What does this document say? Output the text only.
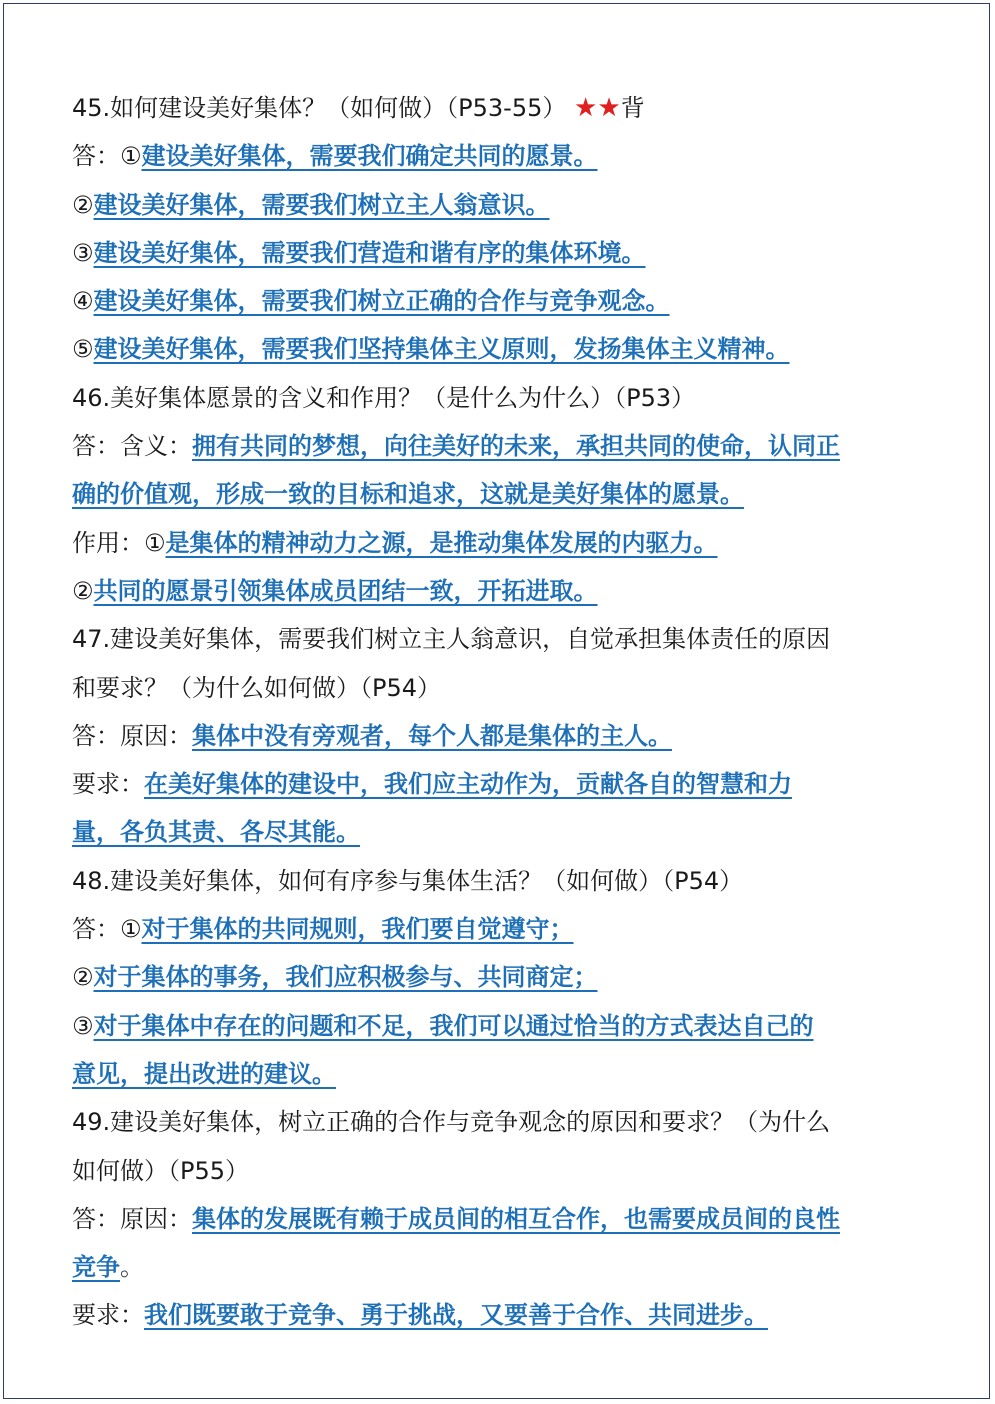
45.如何建设美好集体？（如何做）（P53-55） ★★背
答：①建设美好集体，需要我们确定共同的愿景。
②建设美好集体，需要我们树立主人翁意识。
③建设美好集体，需要我们营造和谐有序的集体环境。
④建设美好集体，需要我们树立正确的合作与竞争观念。
⑤建设美好集体，需要我们坚持集体主义原则，发扬集体主义精神。
46.美好集体愿景的含义和作用？（是什么为什么）（P53）
答：含义：拥有共同的梦想，向往美好的未来，承担共同的使命，认同正
确的价值观，形成一致的目标和追求，这就是美好集体的愿景。
作用：①是集体的精神动力之源，是推动集体发展的内驱力。
②共同的愿景引领集体成员团结一致，开拓进取。
47.建设美好集体，需要我们树立主人翁意识，自觉承担集体责任的原因
和要求？（为什么如何做）（P54）
答：原因：集体中没有旁观者，每个人都是集体的主人。
要求：在美好集体的建设中，我们应主动作为，贡献各自的智慧和力
量，各负其责、各尽其能。
48.建设美好集体，如何有序参与集体生活？（如何做）（P54）
答：①对于集体的共同规则，我们要自觉遵守；
②对于集体的事务，我们应积极参与、共同商定；
③对于集体中存在的问题和不足，我们可以通过恰当的方式表达自己的
意见，提出改进的建议。
49.建设美好集体，树立正确的合作与竞争观念的原因和要求？（为什么
如何做）（P55）
答：原因：集体的发展既有赖于成员间的相互合作，也需要成员间的良性
竞争。
要求：我们既要敢于竞争、勇于挑战，又要善于合作、共同进步。
